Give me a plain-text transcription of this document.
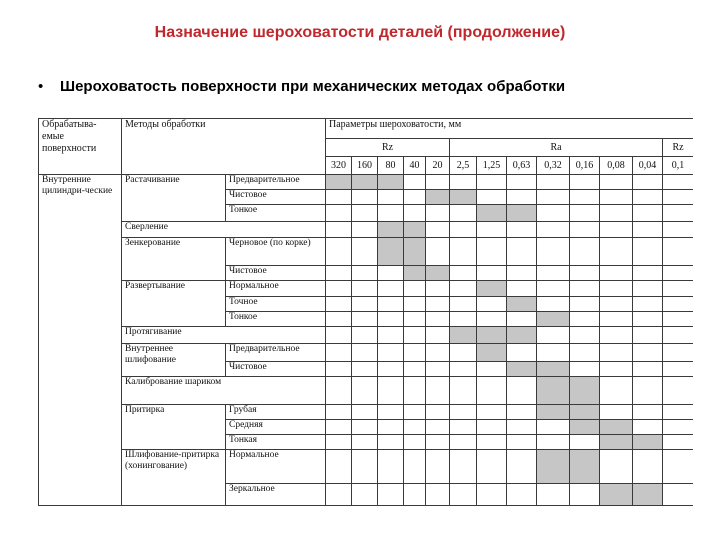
Назначение шероховатости деталей (продолжение)
• Шероховатость поверхности при механических методах обработки
Обрабатыва-емые поверхности	Методы обработки		Параметры шероховатости, мм												
			Rz					Ra							Rz
			320	160	80	40	20	2,5	1,25	0,63	0,32	0,16	0,08	0,04	0,1
Внутренние цилиндри-ческие	Растачивание	Предварительное													
		Чистовое													
		Тонкое													
	Сверление														
	Зенкерование	Черновое (по корке)													
		Чистовое													
	Развертывание	Нормальное													
		Точное													
		Тонкое													
	Протягивание														
	Внутреннее шлифование	Предварительное													
		Чистовое													
	Калибрование шариком														
	Притирка	Грубая													
		Средняя													
		Тонкая													
	Шлифование-притирка (хонингование)	Нормальное													
		Зеркальное													
